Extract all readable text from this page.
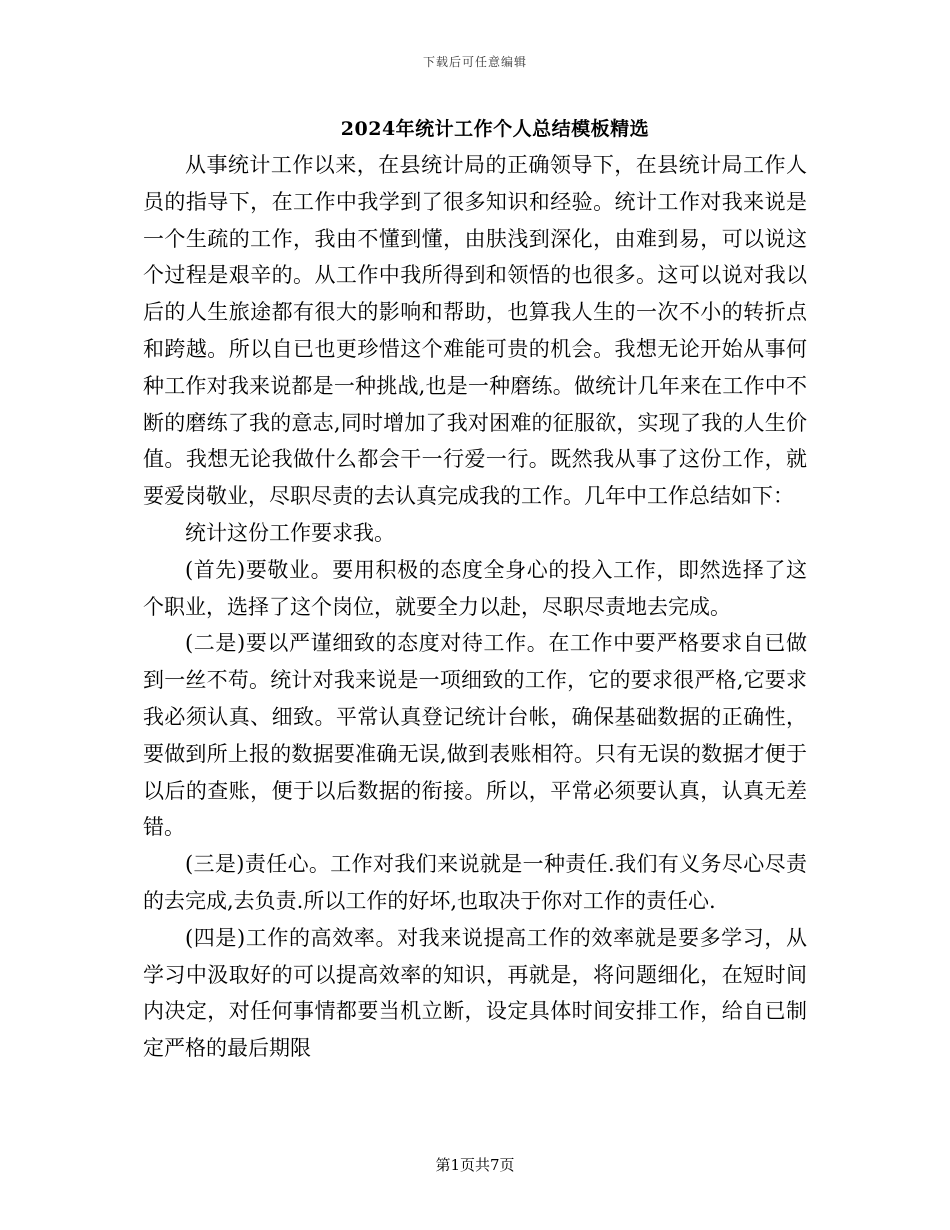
下载后可任意编辑
2024年统计工作个人总结模板精选

从事统计工作以来，在县统计局的正确领导下，在县统计局工作人员的指导下，在工作中我学到了很多知识和经验。统计工作对我来说是一个生疏的工作，我由不懂到懂，由肤浅到深化，由难到易，可以说这个过程是艰辛的。从工作中我所得到和领悟的也很多。这可以说对我以后的人生旅途都有很大的影响和帮助，也算我人生的一次不小的转折点和跨越。所以自已也更珍惜这个难能可贵的机会。我想无论开始从事何种工作对我来说都是一种挑战,也是一种磨练。做统计几年来在工作中不断的磨练了我的意志,同时增加了我对困难的征服欲，实现了我的人生价值。我想无论我做什么都会干一行爱一行。既然我从事了这份工作，就要爱岗敬业，尽职尽责的去认真完成我的工作。几年中工作总结如下：

统计这份工作要求我。

(首先)要敬业。要用积极的态度全身心的投入工作，即然选择了这个职业，选择了这个岗位，就要全力以赴，尽职尽责地去完成。

(二是)要以严谨细致的态度对待工作。在工作中要严格要求自已做到一丝不苟。统计对我来说是一项细致的工作，它的要求很严格,它要求我必须认真、细致。平常认真登记统计台帐，确保基础数据的正确性，要做到所上报的数据要准确无误,做到表账相符。只有无误的数据才便于以后的查账，便于以后数据的衔接。所以，平常必须要认真，认真无差错。

(三是)责任心。工作对我们来说就是一种责任.我们有义务尽心尽责的去完成,去负责.所以工作的好坏,也取决于你对工作的责任心.

(四是)工作的高效率。对我来说提高工作的效率就是要多学习，从学习中汲取好的可以提高效率的知识，再就是，将问题细化，在短时间内决定，对任何事情都要当机立断，设定具体时间安排工作，给自已制定严格的最后期限

第1页共7页
